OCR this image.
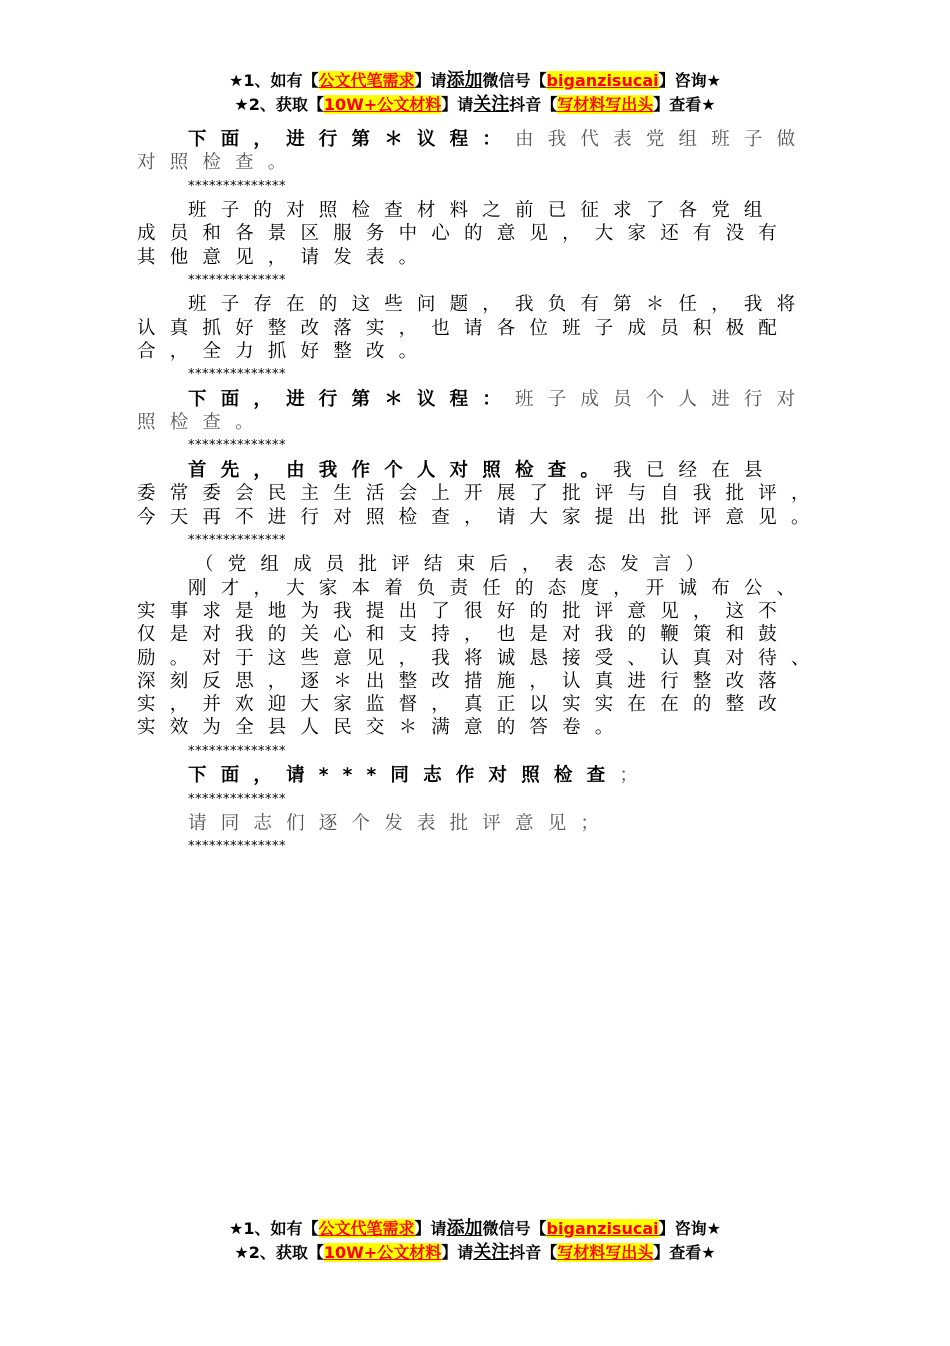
★1、如有【公文代笔需求】请添加微信号【biganzisucai】咨询★
★2、获取【10W+公文材料】请关注抖音【写材料写出头】查看★
下面，进行第＊议程：由我代表党组班子做
对照检查。
**************
班子的对照检查材料之前已征求了各党组
成员和各景区服务中心的意见，大家还有没有
其他意见，请发表。
**************
班子存在的这些问题，我负有第＊任，我将
认真抓好整改落实，也请各位班子成员积极配
合，全力抓好整改。
**************
下面，进行第＊议程：班子成员个人进行对
照检查。
**************
首先，由我作个人对照检查。我已经在县
委常委会民主生活会上开展了批评与自我批评，
今天再不进行对照检查，请大家提出批评意见。
**************
（党组成员批评结束后，表态发言）
刚才，大家本着负责任的态度，开诚布公、
实事求是地为我提出了很好的批评意见，这不
仅是对我的关心和支持，也是对我的鞭策和鼓
励。对于这些意见，我将诚恳接受、认真对待、
深刻反思，逐＊出整改措施，认真进行整改落
实，并欢迎大家监督，真正以实实在在的整改
实效为全县人民交＊满意的答卷。
**************
下面，请***同志作对照检查；
**************
请同志们逐个发表批评意见；
**************
★1、如有【公文代笔需求】请添加微信号【biganzisucai】咨询★
★2、获取【10W+公文材料】请关注抖音【写材料写出头】查看★
